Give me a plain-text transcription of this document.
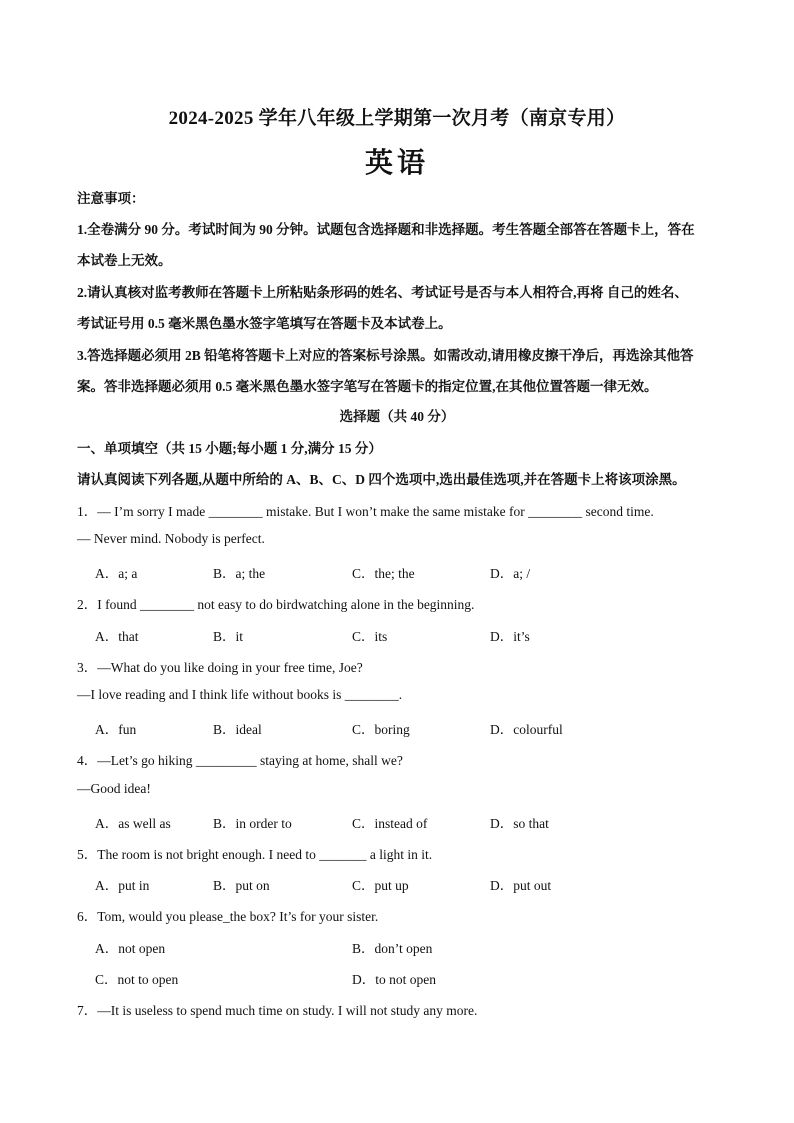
2024-2025 学年八年级上学期第一次月考（南京专用）
英语
注意事项：
1.全卷满分 90 分。考试时间为 90 分钟。试题包含选择题和非选择题。考生答题全部答在答题卡上，答在
本试卷上无效。
2.请认真核对监考教师在答题卡上所粘贴条形码的姓名、考试证号是否与本人相符合,再将 自己的姓名、
考试证号用 0.5 毫米黑色墨水签字笔填写在答题卡及本试卷上。
3.答选择题必须用 2B 铅笔将答题卡上对应的答案标号涂黑。如需改动,请用橡皮擦干净后，再选涂其他答
案。答非选择题必须用 0.5 毫米黑色墨水签字笔写在答题卡的指定位置,在其他位置答题一律无效。
选择题（共 40 分）
一、单项填空（共 15 小题;每小题 1 分,满分 15 分）
请认真阅读下列各题,从题中所给的 A、B、C、D 四个选项中,选出最佳选项,并在答题卡上将该项涂黑。
1．— I’m sorry I made ________ mistake. But I won’t make the same mistake for ________ second time.
— Never mind. Nobody is perfect.
A．a; a	B．a; the	C．the; the	D．a; /
2．I found ________ not easy to do birdwatching alone in the beginning.
A．that	B．it	C．its	D．it’s
3．—What do you like doing in your free time, Joe?
—I love reading and I think life without books is ________.
A．fun	B．ideal	C．boring	D．colourful
4．—Let’s go hiking _________ staying at home, shall we?
—Good idea!
A．as well as	B．in order to	C．instead of	D．so that
5．The room is not bright enough. I need to _______ a light in it.
A．put in	B．put on	C．put up	D．put out
6．Tom, would you please_the box? It’s for your sister.
A．not open	B．don’t open
C．not to open	D．to not open
7．—It is useless to spend much time on study. I will not study any more.
